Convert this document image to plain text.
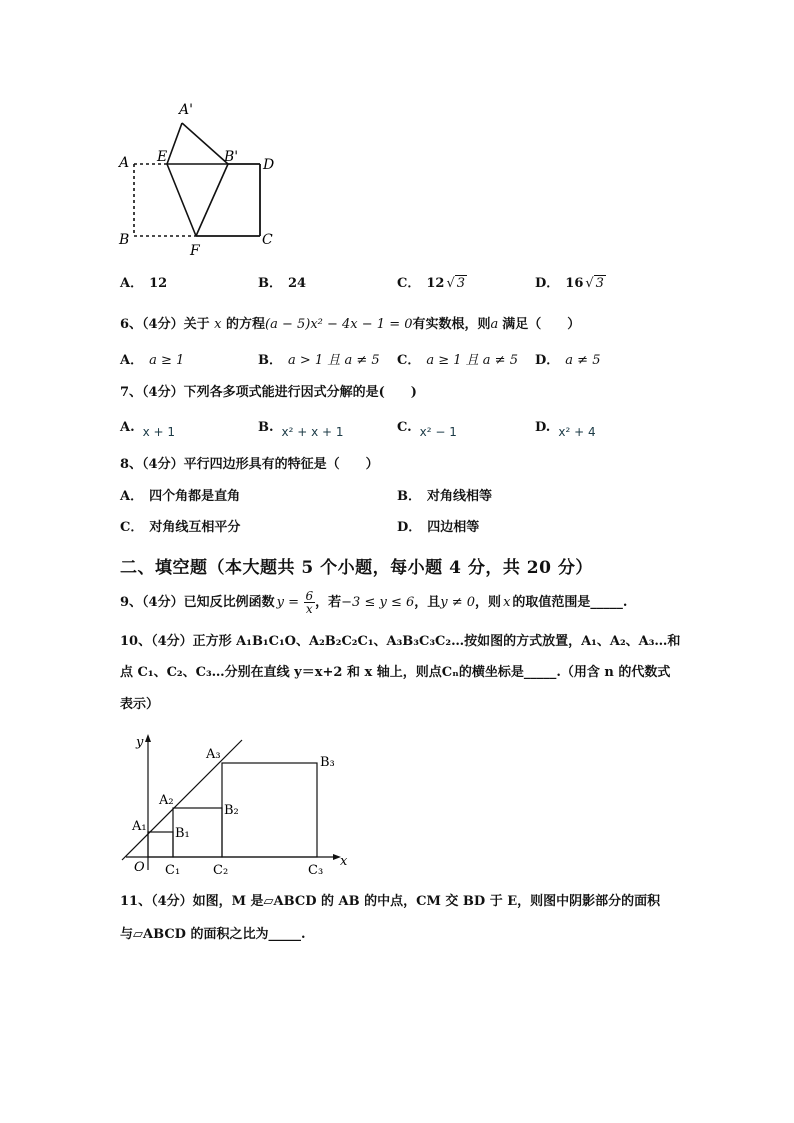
A'
A E	B' D
B
F
C
A． 12	B． 24	C． 12 √ 3	D． 16 √ 3
6、（4分）关于 x 的方程(a − 5)x² − 4x − 1 = 0有实数根，则a 满足（　　）
A． a ≥ 1	B． a > 1 且 a ≠ 5 C． a ≥ 1 且 a ≠ 5 D． a ≠ 5
7、（4分）下列各多项式能进行因式分解的是(　　)
A. x + 1	B. x² + x + 1	C. x² − 1	D. x² + 4
8、（4分）平行四边形具有的特征是（　　）
A． 四个角都是直角	B． 对角线相等
C． 对角线互相平分	D． 四边相等
二、填空题（本大题共 5 个小题，每小题 4 分，共 20 分）
9、（4分）已知反比例函数 $y = \frac{6}{x}$ ，若−3 ≤ y ≤ 6，且y ≠ 0，则 x 的取值范围是_____.
10、（4分）正方形 A₁B₁C₁O、A₂B₂C₂C₁、A₃B₃C₃C₂…按如图的方式放置，A₁、A₂、A₃…和
点 C₁、C₂、C₃…分别在直线 y＝x+2 和 x 轴上，则点Cₙ的横坐标是_____.（用含 n 的代数式
表示）
y
x
O
A₁ B₁
C₁
A₂
B₂
C₂
A₃
B₃
C₃
11、（4分）如图，M 是▱ABCD 的 AB 的中点，CM 交 BD 于 E，则图中阴影部分的面积
与▱ABCD 的面积之比为_____.
